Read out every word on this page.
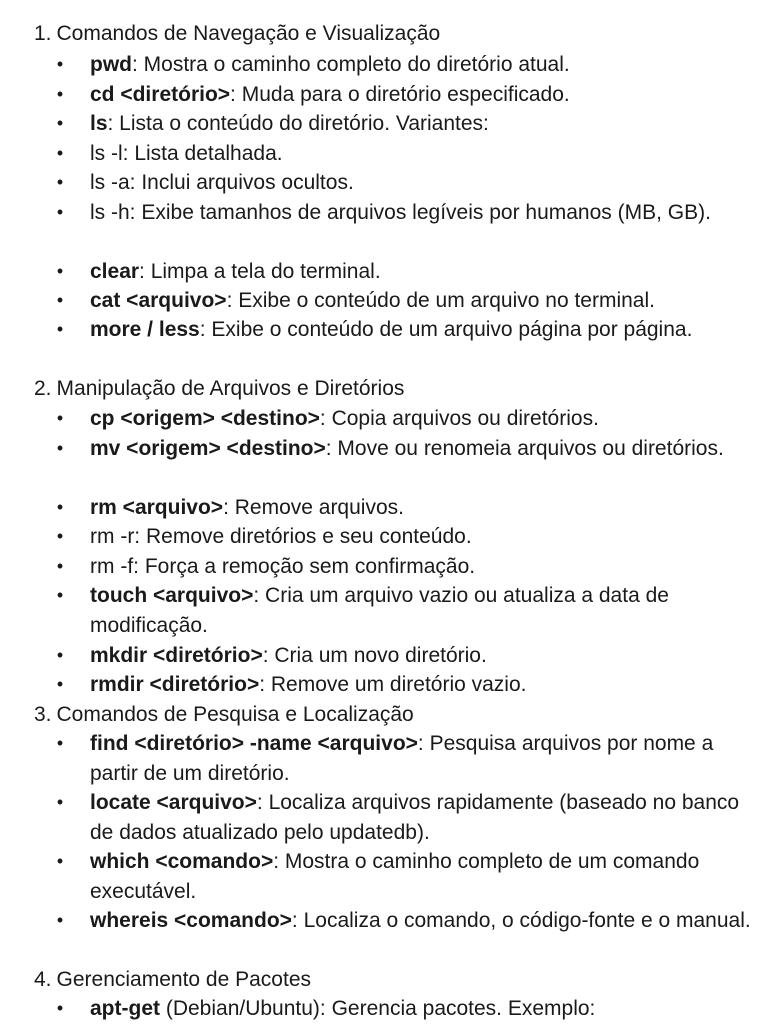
1. Comandos de Navegação e Visualização
• pwd: Mostra o caminho completo do diretório atual.
• cd <diretório>: Muda para o diretório especificado.
• ls: Lista o conteúdo do diretório. Variantes:
• ls -l: Lista detalhada.
• ls -a: Inclui arquivos ocultos.
• ls -h: Exibe tamanhos de arquivos legíveis por humanos (MB, GB).
• clear: Limpa a tela do terminal.
• cat <arquivo>: Exibe o conteúdo de um arquivo no terminal.
• more / less: Exibe o conteúdo de um arquivo página por página.
2. Manipulação de Arquivos e Diretórios
• cp <origem> <destino>: Copia arquivos ou diretórios.
• mv <origem> <destino>: Move ou renomeia arquivos ou diretórios.
• rm <arquivo>: Remove arquivos.
• rm -r: Remove diretórios e seu conteúdo.
• rm -f: Força a remoção sem confirmação.
• touch <arquivo>: Cria um arquivo vazio ou atualiza a data de modificação.
• mkdir <diretório>: Cria um novo diretório.
• rmdir <diretório>: Remove um diretório vazio.
3. Comandos de Pesquisa e Localização
• find <diretório> -name <arquivo>: Pesquisa arquivos por nome a partir de um diretório.
• locate <arquivo>: Localiza arquivos rapidamente (baseado no banco de dados atualizado pelo updatedb).
• which <comando>: Mostra o caminho completo de um comando executável.
• whereis <comando>: Localiza o comando, o código-fonte e o manual.
4. Gerenciamento de Pacotes
• apt-get (Debian/Ubuntu): Gerencia pacotes. Exemplo:
